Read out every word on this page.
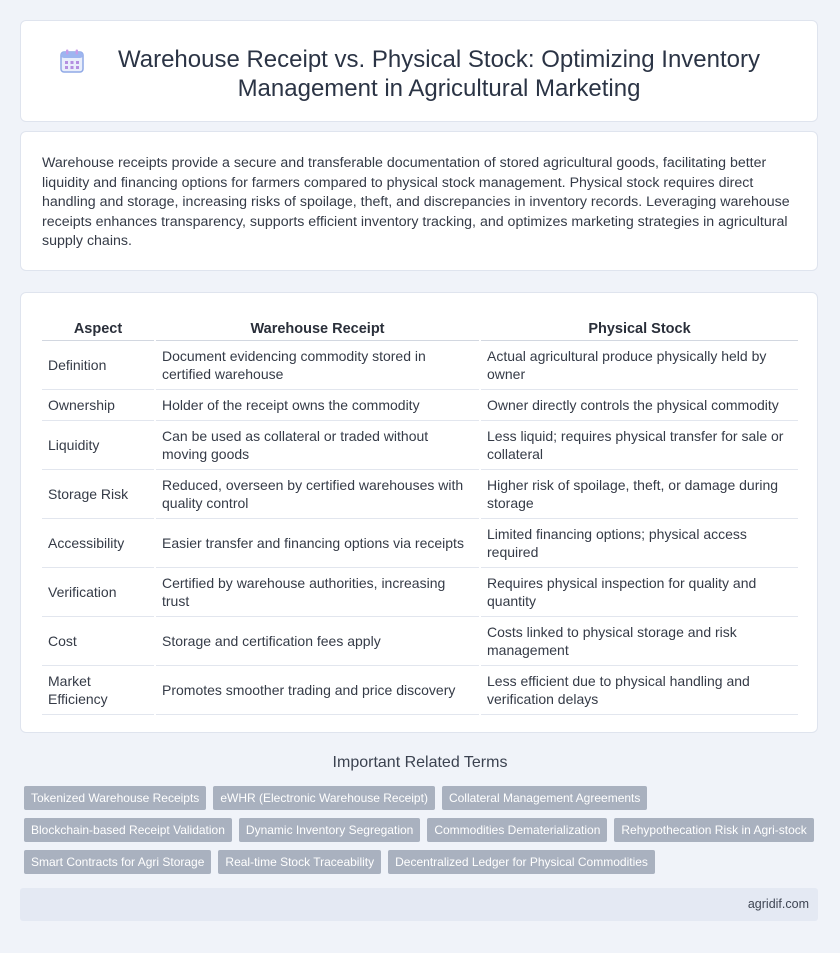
Warehouse Receipt vs. Physical Stock: Optimizing Inventory Management in Agricultural Marketing

Warehouse receipts provide a secure and transferable documentation of stored agricultural goods, facilitating better liquidity and financing options for farmers compared to physical stock management. Physical stock requires direct handling and storage, increasing risks of spoilage, theft, and discrepancies in inventory records. Leveraging warehouse receipts enhances transparency, supports efficient inventory tracking, and optimizes marketing strategies in agricultural supply chains.

Aspect	Warehouse Receipt	Physical Stock
Definition	Document evidencing commodity stored in certified warehouse	Actual agricultural produce physically held by owner
Ownership	Holder of the receipt owns the commodity	Owner directly controls the physical commodity
Liquidity	Can be used as collateral or traded without moving goods	Less liquid; requires physical transfer for sale or collateral
Storage Risk	Reduced, overseen by certified warehouses with quality control	Higher risk of spoilage, theft, or damage during storage
Accessibility	Easier transfer and financing options via receipts	Limited financing options; physical access required
Verification	Certified by warehouse authorities, increasing trust	Requires physical inspection for quality and quantity
Cost	Storage and certification fees apply	Costs linked to physical storage and risk management
Market Efficiency	Promotes smoother trading and price discovery	Less efficient due to physical handling and verification delays
Important Related Terms
Tokenized Warehouse Receipts	eWHR (Electronic Warehouse Receipt)	Collateral Management Agreements
Blockchain-based Receipt Validation	Dynamic Inventory Segregation	Commodities Dematerialization	Rehypothecation Risk in Agri-stock
Smart Contracts for Agri Storage	Real-time Stock Traceability	Decentralized Ledger for Physical Commodities
agridif.com
